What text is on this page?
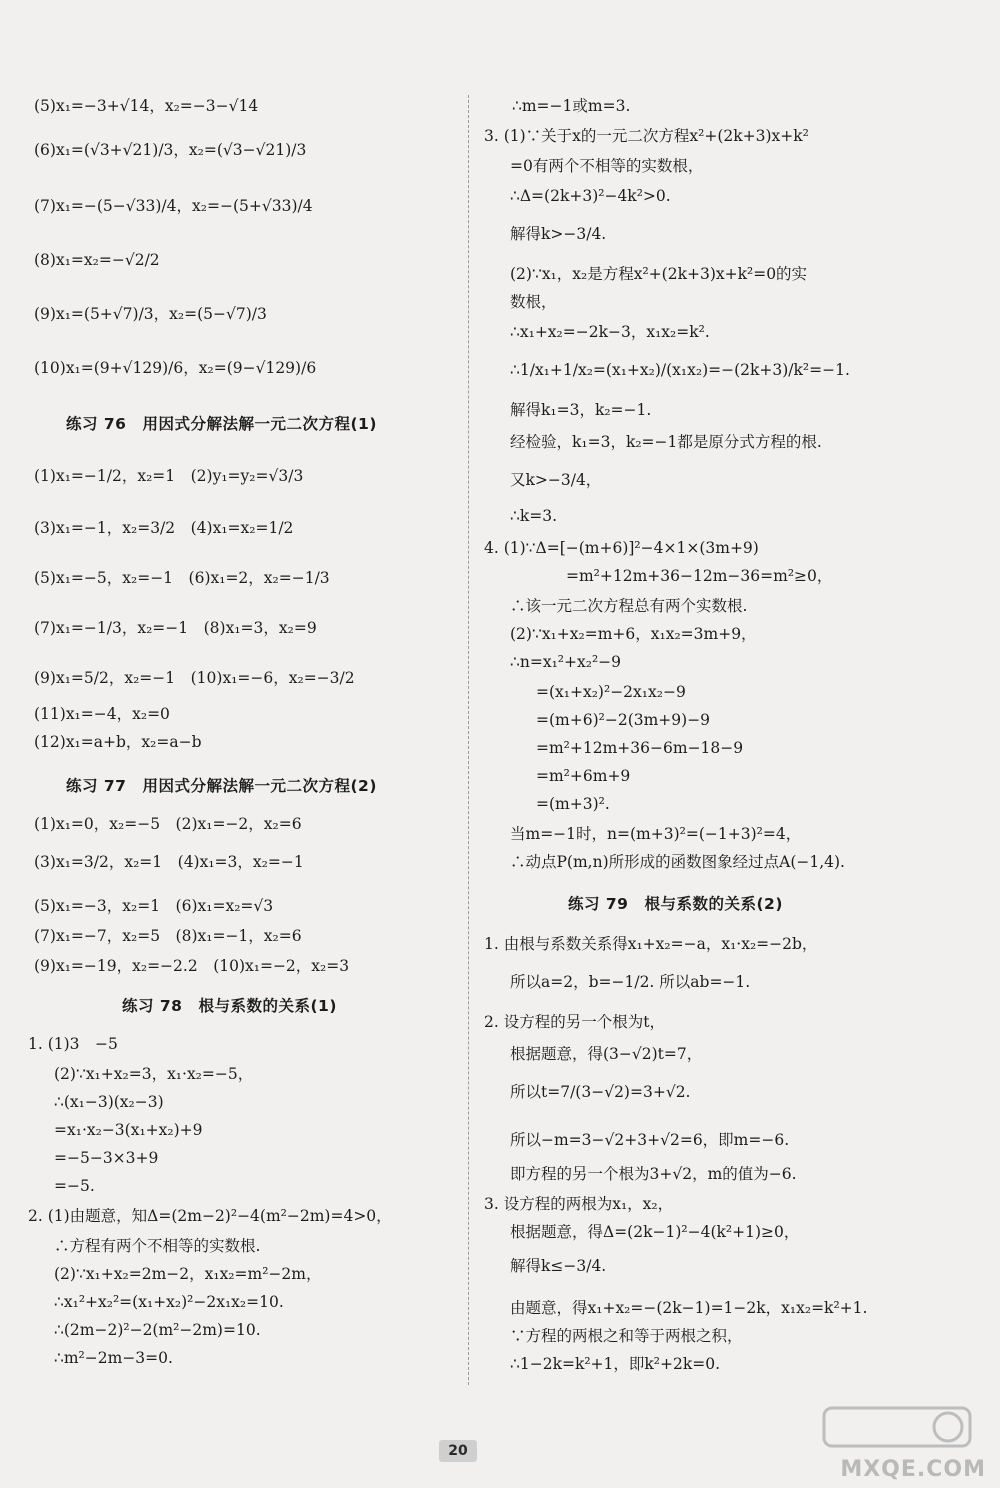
(5)x₁=−3+√14，x₂=−3−√14
(6)x₁=(√3+√21)/3，x₂=(√3−√21)/3
(7)x₁=−(5−√33)/4，x₂=−(5+√33)/4
(8)x₁=x₂=−√2/2
(9)x₁=(5+√7)/3，x₂=(5−√7)/3
(10)x₁=(9+√129)/6，x₂=(9−√129)/6
练习 76　用因式分解法解一元二次方程(1)
(1)x₁=−1/2，x₂=1　(2)y₁=y₂=√3/3
(3)x₁=−1，x₂=3/2　(4)x₁=x₂=1/2
(5)x₁=−5，x₂=−1　(6)x₁=2，x₂=−1/3
(7)x₁=−1/3，x₂=−1　(8)x₁=3，x₂=9
(9)x₁=5/2，x₂=−1　(10)x₁=−6，x₂=−3/2
(11)x₁=−4，x₂=0
(12)x₁=a+b，x₂=a−b
练习 77　用因式分解法解一元二次方程(2)
(1)x₁=0，x₂=−5　(2)x₁=−2，x₂=6
(3)x₁=3/2，x₂=1　(4)x₁=3，x₂=−1
(5)x₁=−3，x₂=1　(6)x₁=x₂=√3
(7)x₁=−7，x₂=5　(8)x₁=−1，x₂=6
(9)x₁=−19，x₂=−2.2　(10)x₁=−2，x₂=3
练习 78　根与系数的关系(1)
1. (1)3　−5
(2)∵x₁+x₂=3，x₁·x₂=−5，
∴(x₁−3)(x₂−3)
=x₁·x₂−3(x₁+x₂)+9
=−5−3×3+9
=−5.
2. (1)由题意，知Δ=(2m−2)²−4(m²−2m)=4>0，
∴方程有两个不相等的实数根.
(2)∵x₁+x₂=2m−2，x₁x₂=m²−2m，
∴x₁²+x₂²=(x₁+x₂)²−2x₁x₂=10.
∴(2m−2)²−2(m²−2m)=10.
∴m²−2m−3=0.
∴m=−1或m=3.
3. (1)∵关于x的一元二次方程x²+(2k+3)x+k²
=0有两个不相等的实数根，
∴Δ=(2k+3)²−4k²>0.
解得k>−3/4.
(2)∵x₁，x₂是方程x²+(2k+3)x+k²=0的实
数根，
∴x₁+x₂=−2k−3，x₁x₂=k².
∴1/x₁+1/x₂=(x₁+x₂)/(x₁x₂)=−(2k+3)/k²=−1.
解得k₁=3，k₂=−1.
经检验，k₁=3，k₂=−1都是原分式方程的根.
又k>−3/4，
∴k=3.
4. (1)∵Δ=[−(m+6)]²−4×1×(3m+9)
=m²+12m+36−12m−36=m²≥0，
∴该一元二次方程总有两个实数根.
(2)∵x₁+x₂=m+6，x₁x₂=3m+9，
∴n=x₁²+x₂²−9
=(x₁+x₂)²−2x₁x₂−9
=(m+6)²−2(3m+9)−9
=m²+12m+36−6m−18−9
=m²+6m+9
=(m+3)².
当m=−1时，n=(m+3)²=(−1+3)²=4，
∴动点P(m,n)所形成的函数图象经过点A(−1,4).
练习 79　根与系数的关系(2)
1. 由根与系数关系得x₁+x₂=−a，x₁·x₂=−2b，
所以a=2，b=−1/2. 所以ab=−1.
2. 设方程的另一个根为t，
根据题意，得(3−√2)t=7，
所以t=7/(3−√2)=3+√2.
所以−m=3−√2+3+√2=6，即m=−6.
即方程的另一个根为3+√2，m的值为−6.
3. 设方程的两根为x₁，x₂，
根据题意，得Δ=(2k−1)²−4(k²+1)≥0，
解得k≤−3/4.
由题意，得x₁+x₂=−(2k−1)=1−2k，x₁x₂=k²+1.
∵方程的两根之和等于两根之积，
∴1−2k=k²+1，即k²+2k=0.
20
MXQE.COM
